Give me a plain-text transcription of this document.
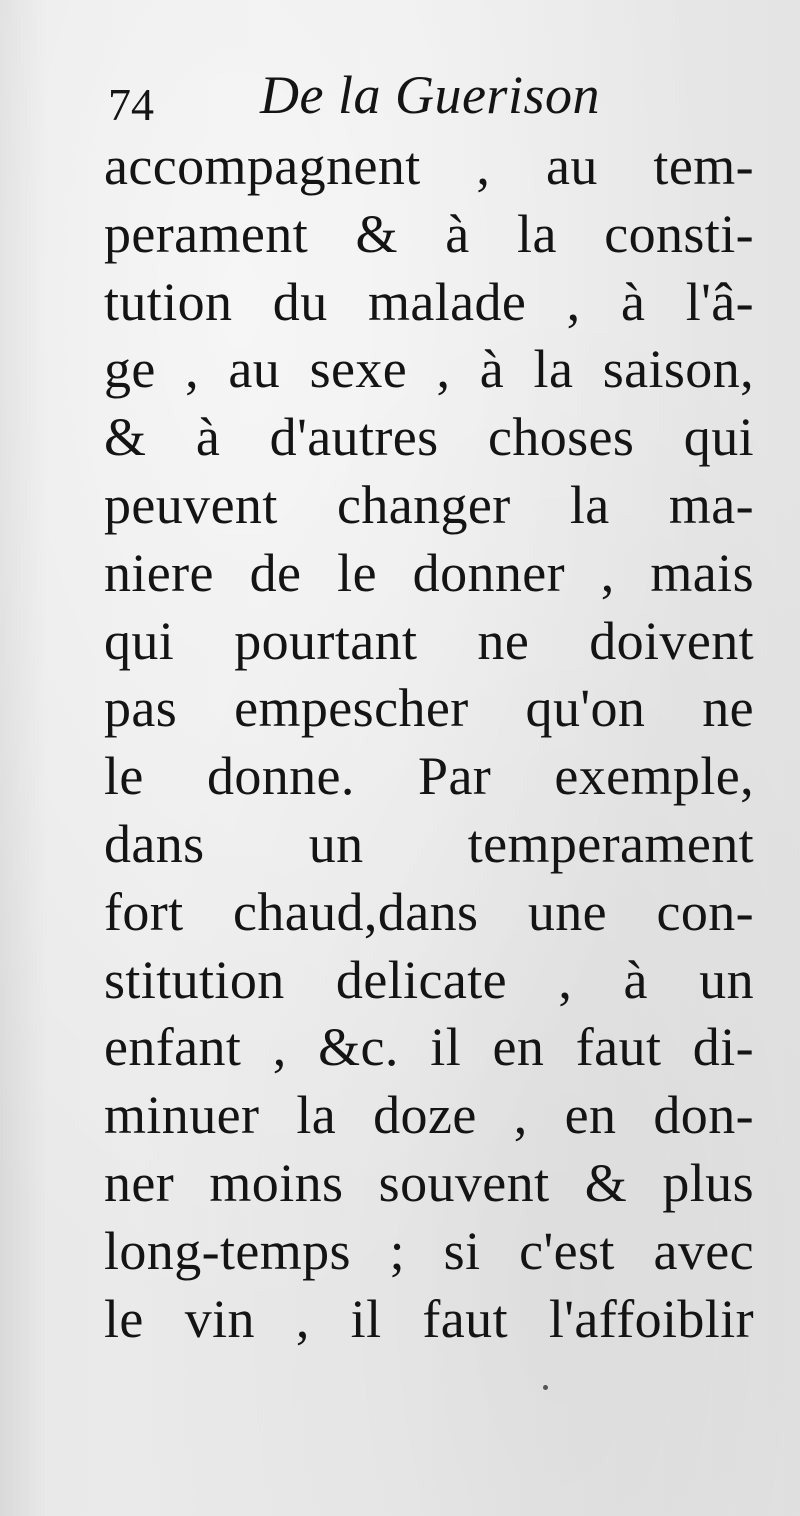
74 De la Guerison
accompagnent , au tem-
perament & à la consti-
tution du malade , à l'â-
ge , au sexe , à la saison,
& à d'autres choses qui
peuvent changer la ma-
niere de le donner , mais
qui pourtant ne doivent
pas empescher qu'on ne
le donne. Par exemple,
dans un temperament
fort chaud,dans une con-
stitution delicate , à un
enfant , &c. il en faut di-
minuer la doze , en don-
ner moins souvent & plus
long-temps ; si c'est avec
le vin , il faut l'affoiblir
